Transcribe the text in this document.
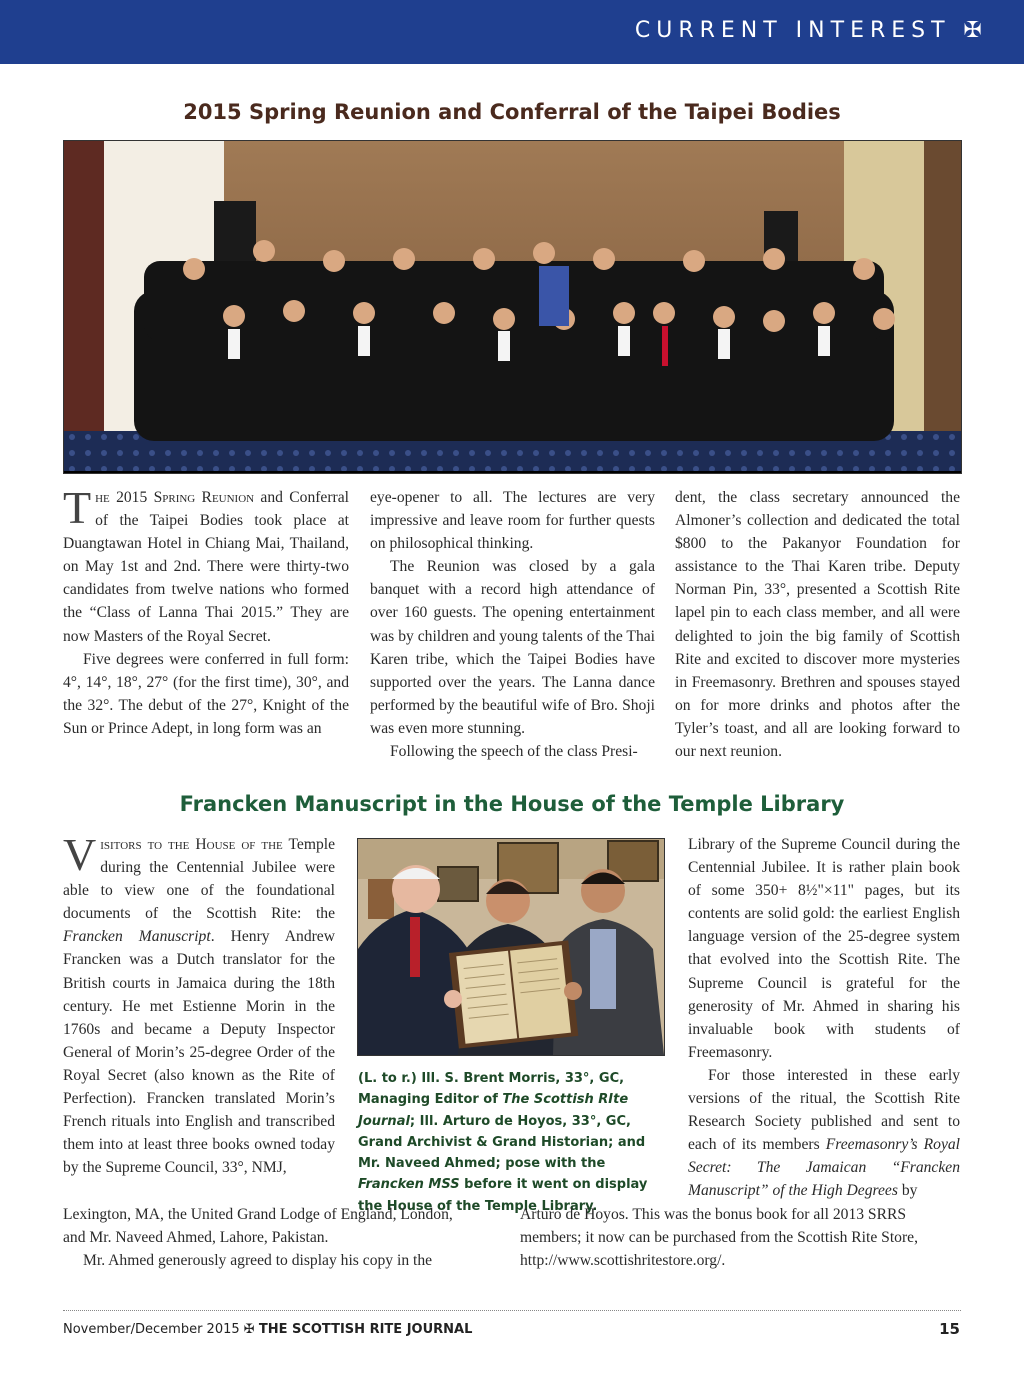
CURRENT INTEREST ✠
2015 Spring Reunion and Conferral of the Taipei Bodies

The 2015 Spring Reunion and Conferral of the Taipei Bodies took place at Duangtawan Hotel in Chiang Mai, Thailand, on May 1st and 2nd. There were thirty-two candidates from twelve nations who formed the “Class of Lanna Thai 2015.” They are now Masters of the Royal Secret.

Five degrees were conferred in full form: 4°, 14°, 18°, 27° (for the first time), 30°, and the 32°. The debut of the 27°, Knight of the Sun or Prince Adept, in long form was an

eye-opener to all. The lectures are very impressive and leave room for further quests on philosophical thinking.

The Reunion was closed by a gala banquet with a record high attendance of over 160 guests. The opening entertainment was by children and young talents of the Thai Karen tribe, which the Taipei Bodies have supported over the years. The Lanna dance performed by the beautiful wife of Bro. Shoji was even more stunning.

Following the speech of the class Presi-

dent, the class secretary announced the Almoner’s collection and dedicated the total $800 to the Pakanyor Foundation for assistance to the Thai Karen tribe. Deputy Norman Pin, 33°, presented a Scottish Rite lapel pin to each class member, and all were delighted to join the big family of Scottish Rite and excited to discover more mysteries in Freemasonry. Brethren and spouses stayed on for more drinks and photos after the Tyler’s toast, and all are looking forward to our next reunion.

Francken Manuscript in the House of the Temple Library

Visitors to the House of the Temple during the Centennial Jubilee were able to view one of the foundational documents of the Scottish Rite: the Francken Manuscript. Henry Andrew Francken was a Dutch translator for the British courts in Jamaica during the 18th century. He met Estienne Morin in the 1760s and became a Deputy Inspector General of Morin’s 25-degree Order of the Royal Secret (also known as the Rite of Perfection). Francken translated Morin’s French rituals into English and transcribed them into at least three books owned today by the Supreme Council, 33°, NMJ,

(L. to r.) Ill. S. Brent Morris, 33°, GC, Managing Editor of The Scottish RIte Journal; Ill. Arturo de Hoyos, 33°, GC, Grand Archivist & Grand Historian; and Mr. Naveed Ahmed; pose with the Francken MSS before it went on display the House of the Temple Library.

Library of the Supreme Council during the Centennial Jubilee. It is rather plain book of some 350+ 8½"×11" pages, but its contents are solid gold: the earliest English language version of the 25-degree system that evolved into the Scottish Rite. The Supreme Council is grateful for the generosity of Mr. Ahmed in sharing his invaluable book with students of Freemasonry.

For those interested in these early versions of the ritual, the Scottish Rite Research Society published and sent to each of its members Freemasonry’s Royal Secret: The Jamaican “Francken Manuscript” of the High Degrees by

Lexington, MA, the United Grand Lodge of England, London,
and Mr. Naveed Ahmed, Lahore, Pakistan.
Mr. Ahmed generously agreed to display his copy in the
Arturo de Hoyos. This was the bonus book for all 2013 SRRS
members; it now can be purchased from the Scottish Rite Store,
http://www.scottishritestore.org/.
November/December 2015 ✠ THE SCOTTISH RITE JOURNAL	15
